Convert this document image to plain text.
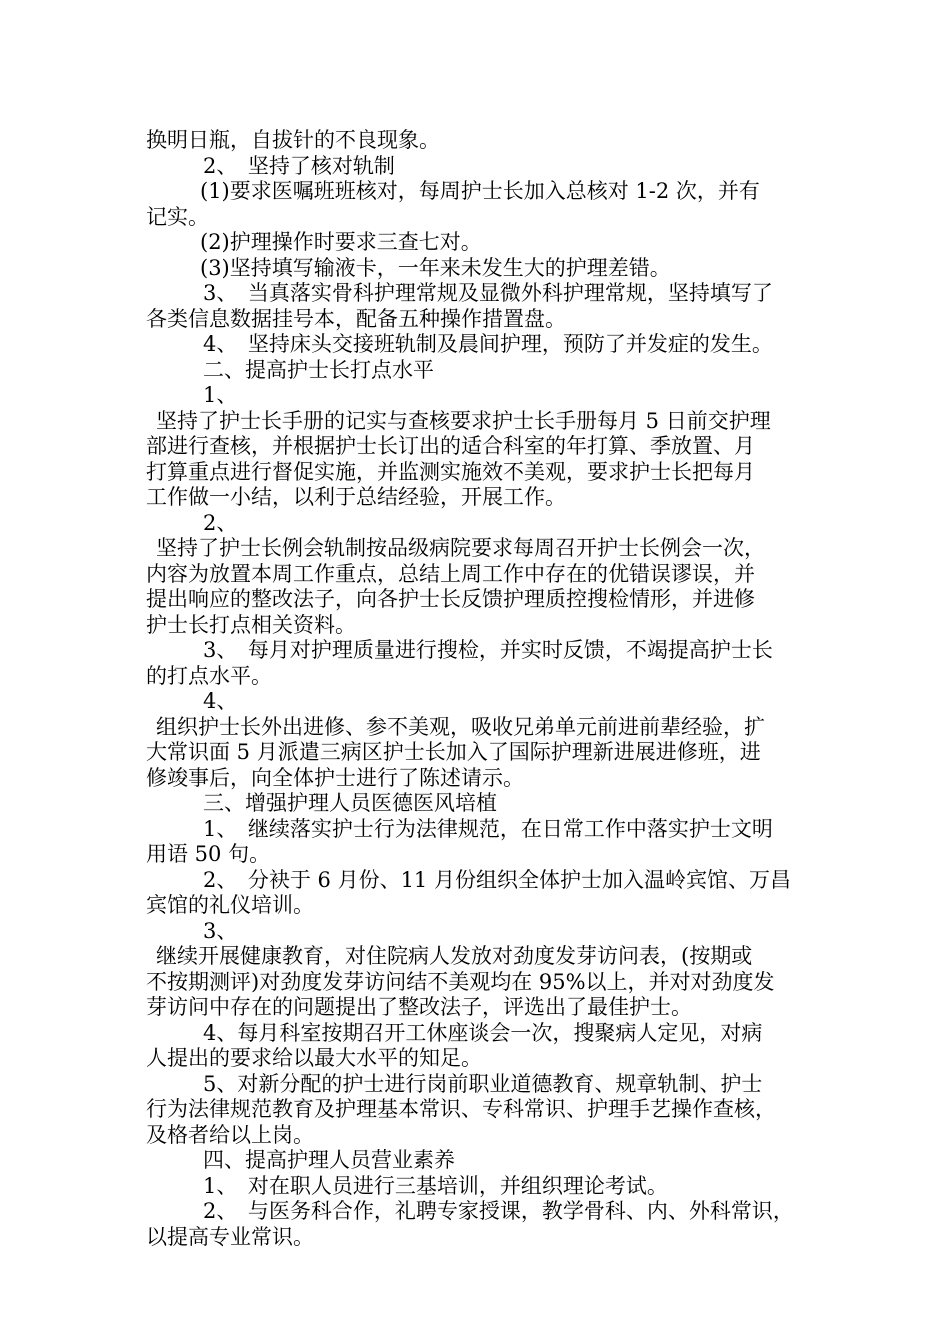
换明日瓶，自拔针的不良现象。
2、　坚持了核对轨制
(1)要求医嘱班班核对，每周护士长加入总核对 1-2 次，并有
记实。
(2)护理操作时要求三查七对。
(3)坚持填写输液卡，一年来未发生大的护理差错。
3、　当真落实骨科护理常规及显微外科护理常规，坚持填写了
各类信息数据挂号本，配备五种操作措置盘。
4、　坚持床头交接班轨制及晨间护理，预防了并发症的发生。
二、提高护士长打点水平
1、
坚持了护士长手册的记实与查核要求护士长手册每月 5 日前交护理
部进行查核，并根据护士长订出的适合科室的年打算、季放置、月
打算重点进行督促实施，并监测实施效不美观，要求护士长把每月
工作做一小结，以利于总结经验，开展工作。
2、
坚持了护士长例会轨制按品级病院要求每周召开护士长例会一次，
内容为放置本周工作重点，总结上周工作中存在的优错误谬误，并
提出响应的整改法子，向各护士长反馈护理质控搜检情形，并进修
护士长打点相关资料。
3、　每月对护理质量进行搜检，并实时反馈，不竭提高护士长
的打点水平。
4、
组织护士长外出进修、参不美观，吸收兄弟单元前进前辈经验，扩
大常识面 5 月派遣三病区护士长加入了国际护理新进展进修班，进
修竣事后，向全体护士进行了陈述请示。
三、增强护理人员医德医风培植
1、　继续落实护士行为法律规范，在日常工作中落实护士文明
用语 50 句。
2、　分袂于 6 月份、11 月份组织全体护士加入温岭宾馆、万昌
宾馆的礼仪培训。
3、
继续开展健康教育，对住院病人发放对劲度发芽访问表，(按期或
不按期测评)对劲度发芽访问结不美观均在 95%以上，并对对劲度发
芽访问中存在的问题提出了整改法子，评选出了最佳护士。
4、每月科室按期召开工休座谈会一次，搜聚病人定见，对病
人提出的要求给以最大水平的知足。
5、对新分配的护士进行岗前职业道德教育、规章轨制、护士
行为法律规范教育及护理基本常识、专科常识、护理手艺操作查核，
及格者给以上岗。
四、提高护理人员营业素养
1、　对在职人员进行三基培训，并组织理论考试。
2、　与医务科合作，礼聘专家授课，教学骨科、内、外科常识，
以提高专业常识。
